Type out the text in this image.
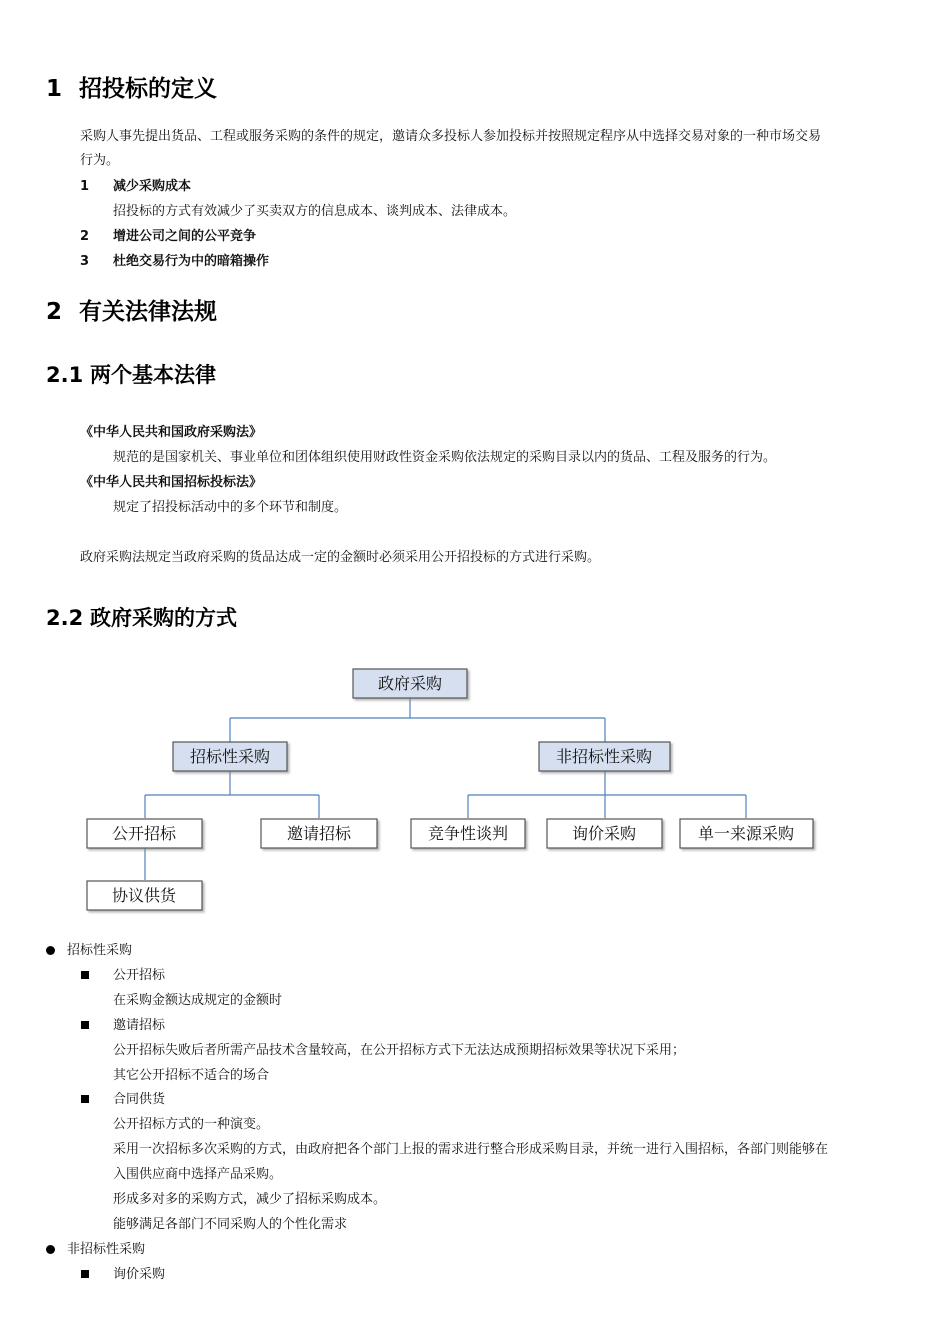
1 招投标的定义
采购人事先提出货品、工程或服务采购的条件的规定，邀请众多投标人参加投标并按照规定程序从中选择交易对象的一种市场交易
行为。
1 减少采购成本
招投标的方式有效减少了买卖双方的信息成本、谈判成本、法律成本。
2 增进公司之间的公平竞争
3 杜绝交易行为中的暗箱操作
2 有关法律法规
2.1 两个基本法律
《中华人民共和国政府采购法》
规范的是国家机关、事业单位和团体组织使用财政性资金采购依法规定的采购目录以内的货品、工程及服务的行为。
《中华人民共和国招标投标法》
规定了招投标活动中的多个环节和制度。
政府采购法规定当政府采购的货品达成一定的金额时必须采用公开招投标的方式进行采购。
2.2 政府采购的方式
政府采购
招标性采购	非招标性采购
公开招标	邀请招标	竞争性谈判	询价采购	单一来源采购
协议供货
招标性采购
公开招标
在采购金额达成规定的金额时
邀请招标
公开招标失败后者所需产品技术含量较高，在公开招标方式下无法达成预期招标效果等状况下采用；
其它公开招标不适合的场合
合同供货
公开招标方式的一种演变。
采用一次招标多次采购的方式，由政府把各个部门上报的需求进行整合形成采购目录，并统一进行入围招标，各部门则能够在
入围供应商中选择产品采购。
形成多对多的采购方式，减少了招标采购成本。
能够满足各部门不同采购人的个性化需求
非招标性采购
询价采购
